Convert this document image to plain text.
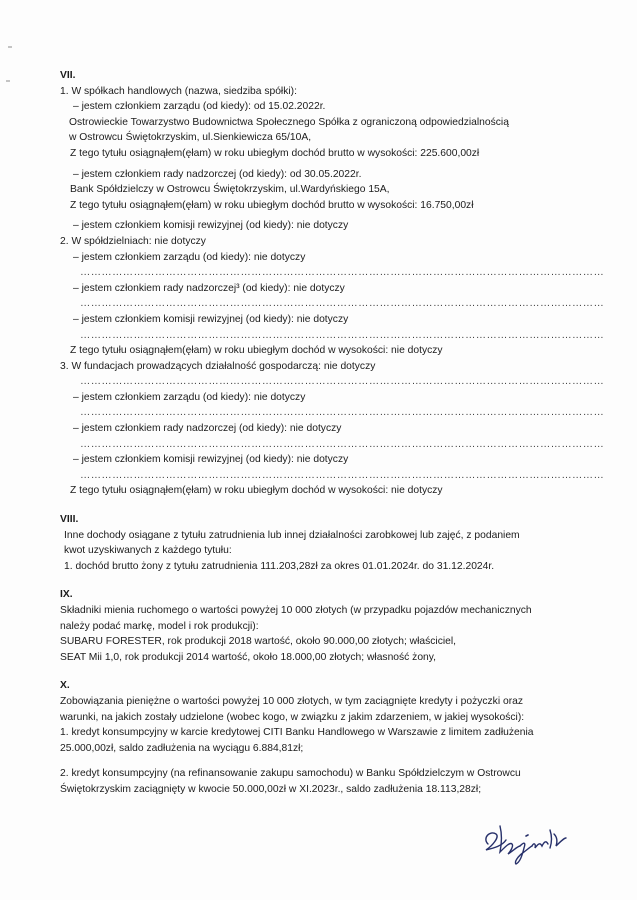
VII.
1. W spółkach handlowych (nazwa, siedziba spółki):
– jestem członkiem zarządu (od kiedy): od 15.02.2022r.
Ostrowieckie Towarzystwo Budownictwa Społecznego Spółka z ograniczoną odpowiedzialnością
w Ostrowcu Świętokrzyskim, ul.Sienkiewicza 65/10A,
Z tego tytułu osiągnąłem(ęłam) w roku ubiegłym dochód brutto w wysokości: 225.600,00zł
– jestem członkiem rady nadzorczej (od kiedy): od 30.05.2022r.
Bank Spółdzielczy w Ostrowcu Świętokrzyskim, ul.Wardyńskiego 15A,
Z tego tytułu osiągnąłem(ęłam) w roku ubiegłym dochód brutto w wysokości: 16.750,00zł
– jestem członkiem komisji rewizyjnej (od kiedy): nie dotyczy
2. W spółdzielniach: nie dotyczy
– jestem członkiem zarządu (od kiedy): nie dotyczy
…………………………………………………………………………………………………………………………………
– jestem członkiem rady nadzorczej³ (od kiedy): nie dotyczy
…………………………………………………………………………………………………………………………………
– jestem członkiem komisji rewizyjnej (od kiedy): nie dotyczy
…………………………………………………………………………………………………………………………………
Z tego tytułu osiągnąłem(ęłam) w roku ubiegłym dochód w wysokości: nie dotyczy
3. W fundacjach prowadzących działalność gospodarczą: nie dotyczy
…………………………………………………………………………………………………………………………………
– jestem członkiem zarządu (od kiedy): nie dotyczy
…………………………………………………………………………………………………………………………………
– jestem członkiem rady nadzorczej (od kiedy): nie dotyczy
…………………………………………………………………………………………………………………………………
– jestem członkiem komisji rewizyjnej (od kiedy): nie dotyczy
…………………………………………………………………………………………………………………………………
Z tego tytułu osiągnąłem(ęłam) w roku ubiegłym dochód w wysokości: nie dotyczy
VIII.
Inne dochody osiągane z tytułu zatrudnienia lub innej działalności zarobkowej lub zajęć, z podaniem
kwot uzyskiwanych z każdego tytułu:
1. dochód brutto żony z tytułu zatrudnienia 111.203,28zł za okres 01.01.2024r. do 31.12.2024r.
IX.
Składniki mienia ruchomego o wartości powyżej 10 000 złotych (w przypadku pojazdów mechanicznych
należy podać markę, model i rok produkcji):
SUBARU FORESTER, rok produkcji 2018 wartość, około 90.000,00 złotych; właściciel,
SEAT Mii 1,0, rok produkcji 2014 wartość, około 18.000,00 złotych; własność żony,
X.
Zobowiązania pieniężne o wartości powyżej 10 000 złotych, w tym zaciągnięte kredyty i pożyczki oraz
warunki, na jakich zostały udzielone (wobec kogo, w związku z jakim zdarzeniem, w jakiej wysokości):
1. kredyt konsumpcyjny w karcie kredytowej CITI Banku Handlowego w Warszawie z limitem zadłużenia
25.000,00zł, saldo zadłużenia na wyciągu 6.884,81zł;
2. kredyt konsumpcyjny (na refinansowanie zakupu samochodu) w Banku Spółdzielczym w Ostrowcu
Świętokrzyskim zaciągnięty w kwocie 50.000,00zł w XI.2023r., saldo zadłużenia 18.113,28zł;
